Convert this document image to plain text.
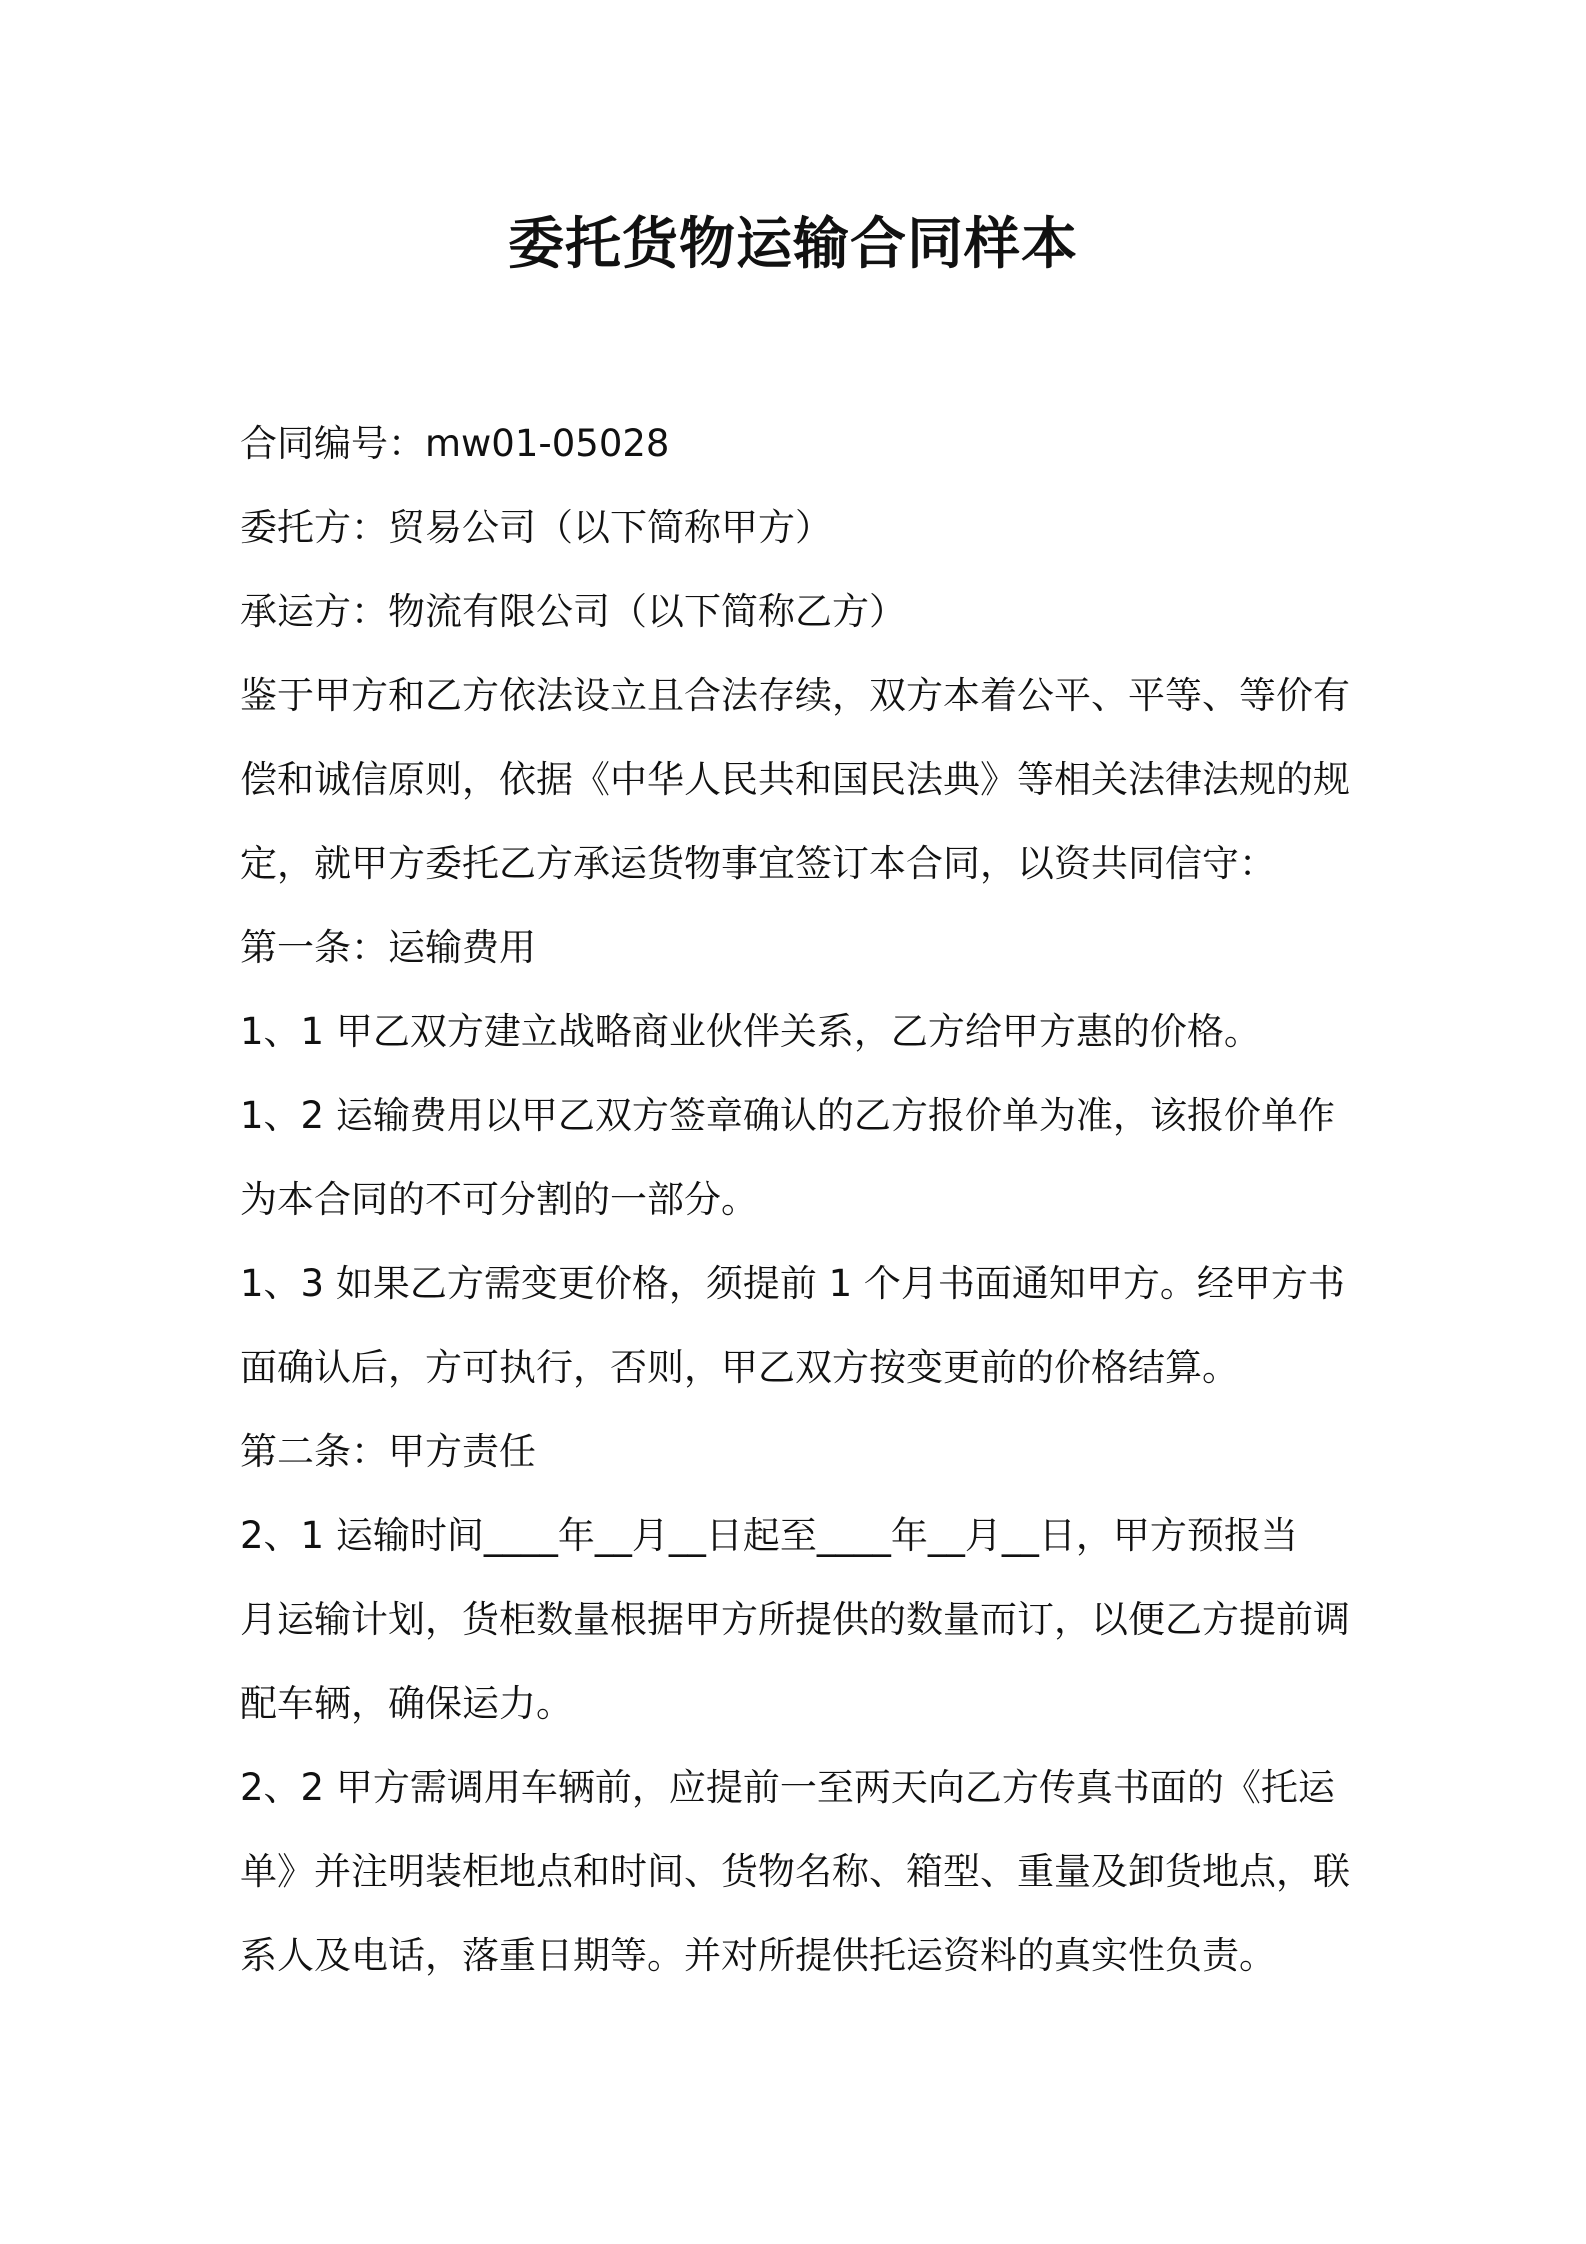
委托货物运输合同样本

合同编号：mw01-05028

委托方：贸易公司（以下简称甲方）

承运方：物流有限公司（以下简称乙方）

鉴于甲方和乙方依法设立且合法存续，双方本着公平、平等、等价有

偿和诚信原则，依据《中华人民共和国民法典》等相关法律法规的规

定，就甲方委托乙方承运货物事宜签订本合同，以资共同信守：

第一条：运输费用

1、1 甲乙双方建立战略商业伙伴关系，乙方给甲方惠的价格。

1、2 运输费用以甲乙双方签章确认的乙方报价单为准，该报价单作

为本合同的不可分割的一部分。

1、3 如果乙方需变更价格，须提前 1 个月书面通知甲方。经甲方书

面确认后，方可执行，否则，甲乙双方按变更前的价格结算。

第二条：甲方责任

2、1 运输时间____年__月__日起至____年__月__日，甲方预报当

月运输计划，货柜数量根据甲方所提供的数量而订，以便乙方提前调

配车辆，确保运力。

2、2 甲方需调用车辆前，应提前一至两天向乙方传真书面的《托运

单》并注明装柜地点和时间、货物名称、箱型、重量及卸货地点，联

系人及电话，落重日期等。并对所提供托运资料的真实性负责。
